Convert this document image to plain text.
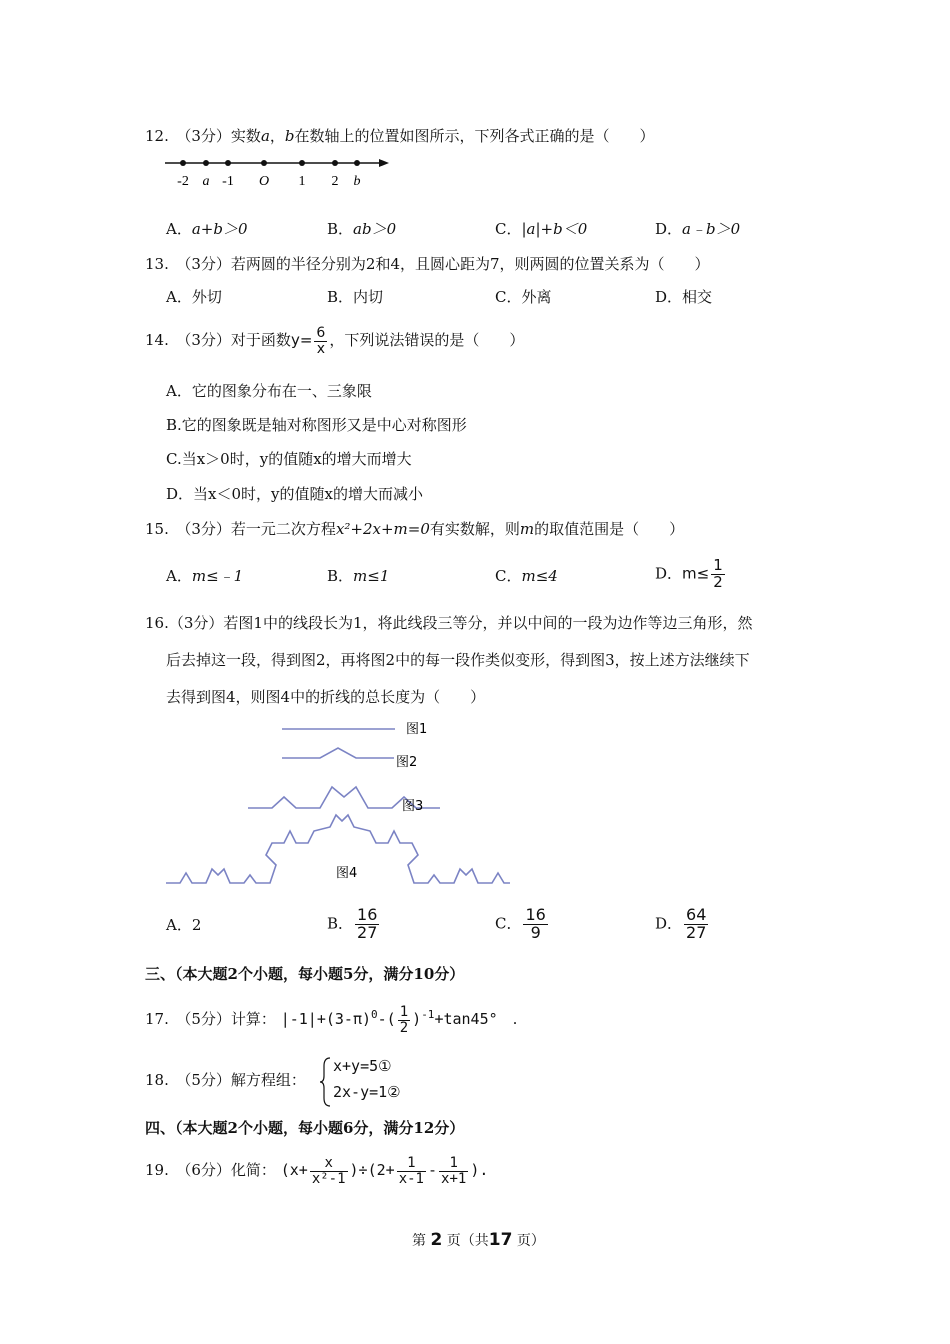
12.　 （3分）实数a，b在数轴上的位置如图所示，下列各式正确的是（　　）
-2 a -1 O 1 2 b
A．a+b＞0	B．ab＞0	C．|a|+b＜0	D．a﹣b＞0
13.　 （3分）若两圆的半径分别为2和4，且圆心距为7，则两圆的位置关系为（　　）
A．外切	B．内切	C．外离	D．相交
14.　 （3分）对于函数$y= \frac{6}{x}$ ，下列说法错误的是（　　）
A．它的图象分布在一、三象限
B.它的图象既是轴对称图形又是中心对称图形
C.当x＞0时，y的值随x的增大而增大
D．当x＜0时，y的值随x的增大而减小
15.　 （3分）若一元二次方程x²+2x+m=0有实数解，则m的取值范围是（　　）
A．m≤﹣1	B．m≤1	C．m≤4	D．$m\le \frac{1}{2}$
16.（3分）若图1中的线段长为1，将此线段三等分，并以中间的一段为边作等边三角形，然
后去掉这一段，得到图2，再将图2中的每一段作类似变形，得到图3，按上述方法继续下
去得到图4，则图4中的折线的总长度为（　　）
图1
图2
图3
图4
A．2	B． $\frac{16}{27}$	C． $\frac{16}{9}$	D． $\frac{64}{27}$
三、（本大题2个小题，每小题5分，满分10分）
17.　 （5分）计算： $|-1|+(3-\pi)^0-( \frac{1}{2} )^{-1}+\tan 45^\circ$　 .
18.　 （5分）解方程组：
x+y=5①
2x-y=1②
四、（本大题2个小题，每小题6分，满分12分）
19.　 （6分）化简： $(x+ \frac{x}{\text{x²-1}} )\div(2+ \frac{1}{x-1} - \frac{1}{x+1}$ ).
第 2 页（共17 页）
